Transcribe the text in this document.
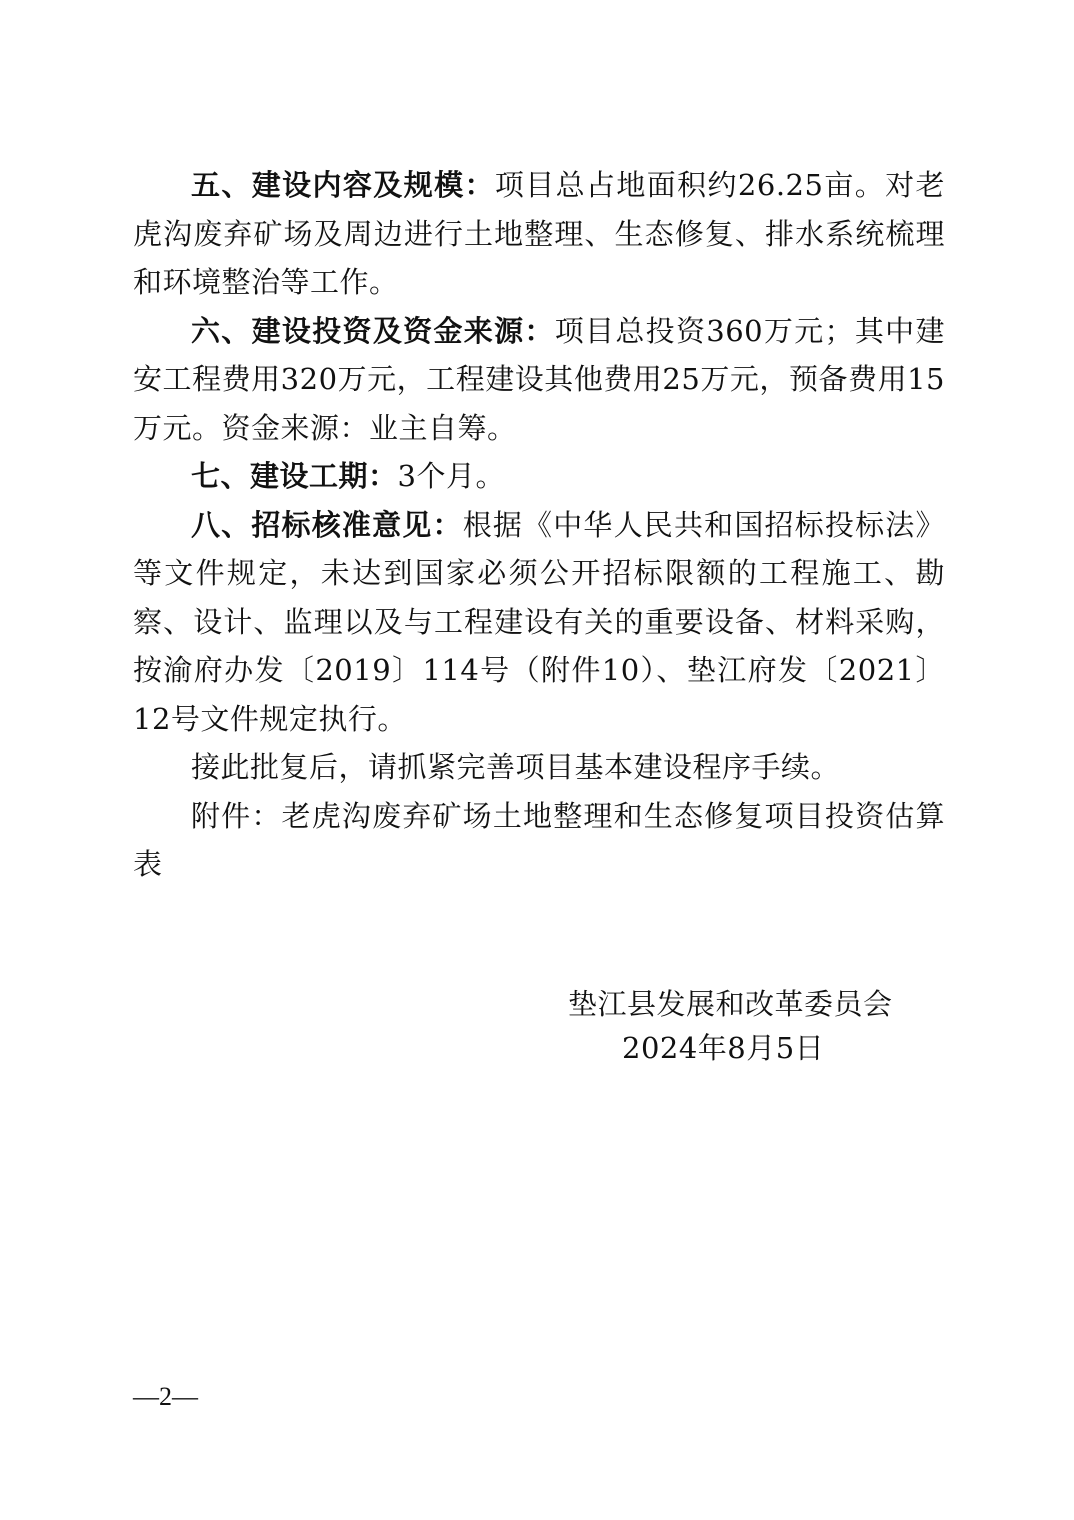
五、建设内容及规模：项目总占地面积约26.25亩。对老虎沟废弃矿场及周边进行土地整理、生态修复、排水系统梳理和环境整治等工作。

六、建设投资及资金来源：项目总投资360万元；其中建安工程费用320万元，工程建设其他费用25万元，预备费用15万元。资金来源：业主自筹。

七、建设工期：3个月。

八、招标核准意见：根据《中华人民共和国招标投标法》等文件规定，未达到国家必须公开招标限额的工程施工、勘察、设计、监理以及与工程建设有关的重要设备、材料采购，按渝府办发〔2019〕114号（附件10）、垫江府发〔2021〕12号文件规定执行。

接此批复后，请抓紧完善项目基本建设程序手续。

附件：老虎沟废弃矿场土地整理和生态修复项目投资估算表

垫江县发展和改革委员会

2024年8月5日

—2—
